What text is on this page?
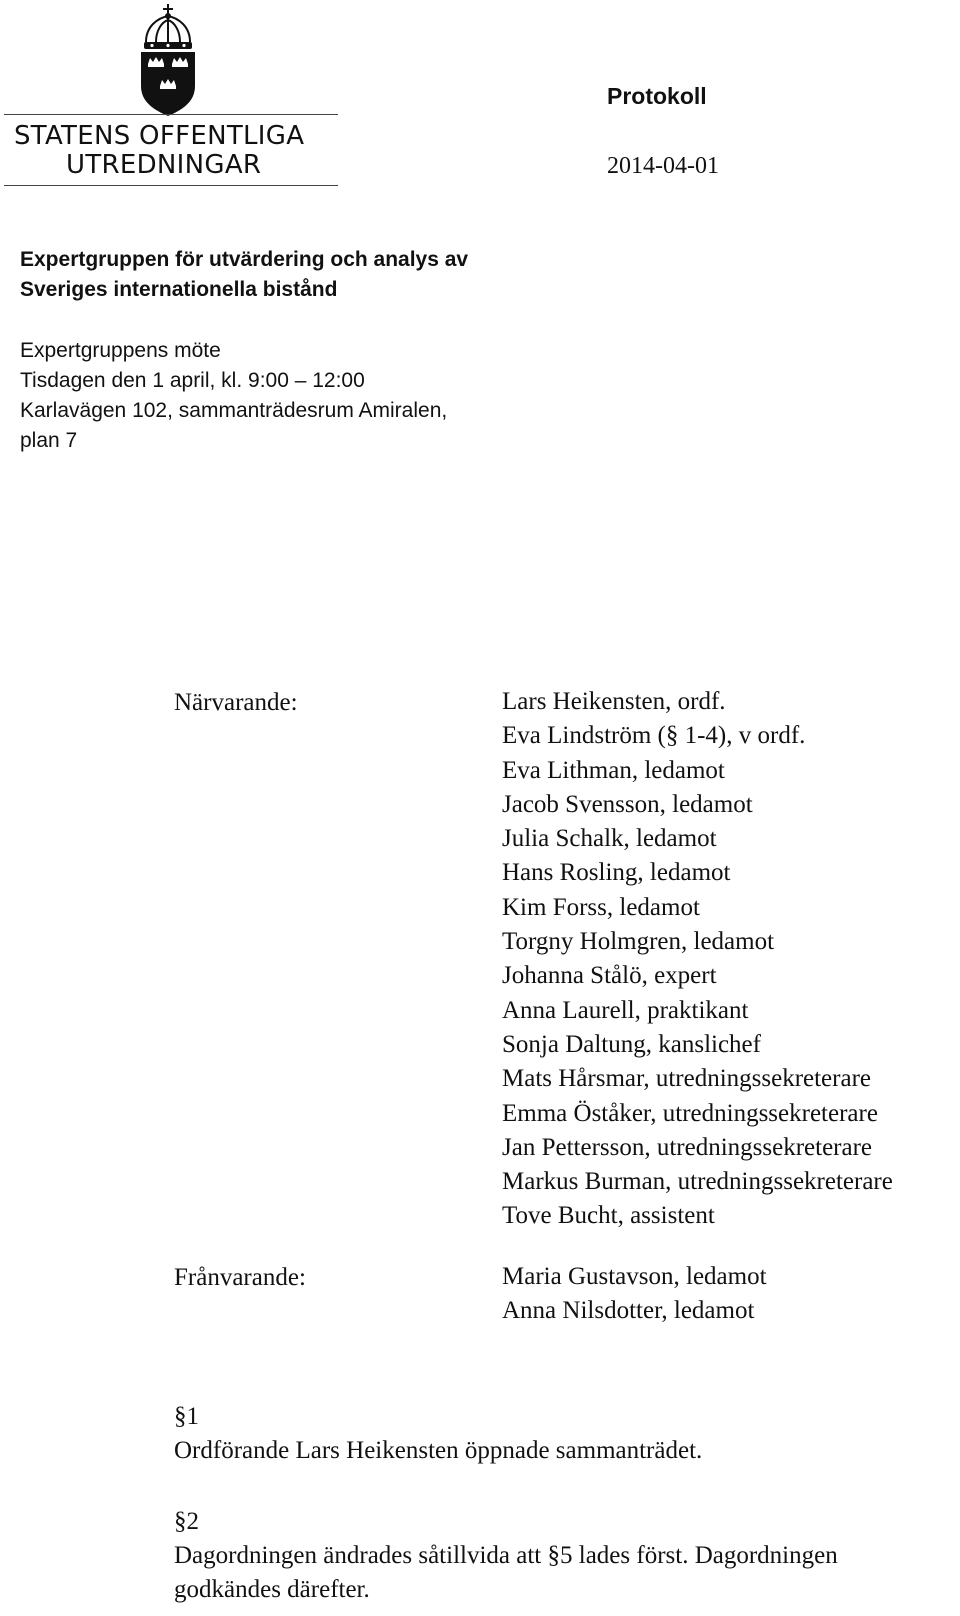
STATENS OFFENTLIGA
UTREDNINGAR
Protokoll
2014-04-01
Expertgruppen för utvärdering och analys av
Sveriges internationella bistånd
Expertgruppens möte
Tisdagen den 1 april, kl. 9:00 – 12:00
Karlavägen 102, sammanträdesrum Amiralen,
plan 7
Närvarande:	Lars Heikensten, ordf.
Eva Lindström (§ 1-4), v ordf.
Eva Lithman, ledamot
Jacob Svensson, ledamot
Julia Schalk, ledamot
Hans Rosling, ledamot
Kim Forss, ledamot
Torgny Holmgren, ledamot
Johanna Stålö, expert
Anna Laurell, praktikant
Sonja Daltung, kanslichef
Mats Hårsmar, utredningssekreterare
Emma Öståker, utredningssekreterare
Jan Pettersson, utredningssekreterare
Markus Burman, utredningssekreterare
Tove Bucht, assistent
Frånvarande:	Maria Gustavson, ledamot
Anna Nilsdotter, ledamot
§1
Ordförande Lars Heikensten öppnade sammanträdet.
§2
Dagordningen ändrades såtillvida att §5 lades först. Dagordningen godkändes därefter.
